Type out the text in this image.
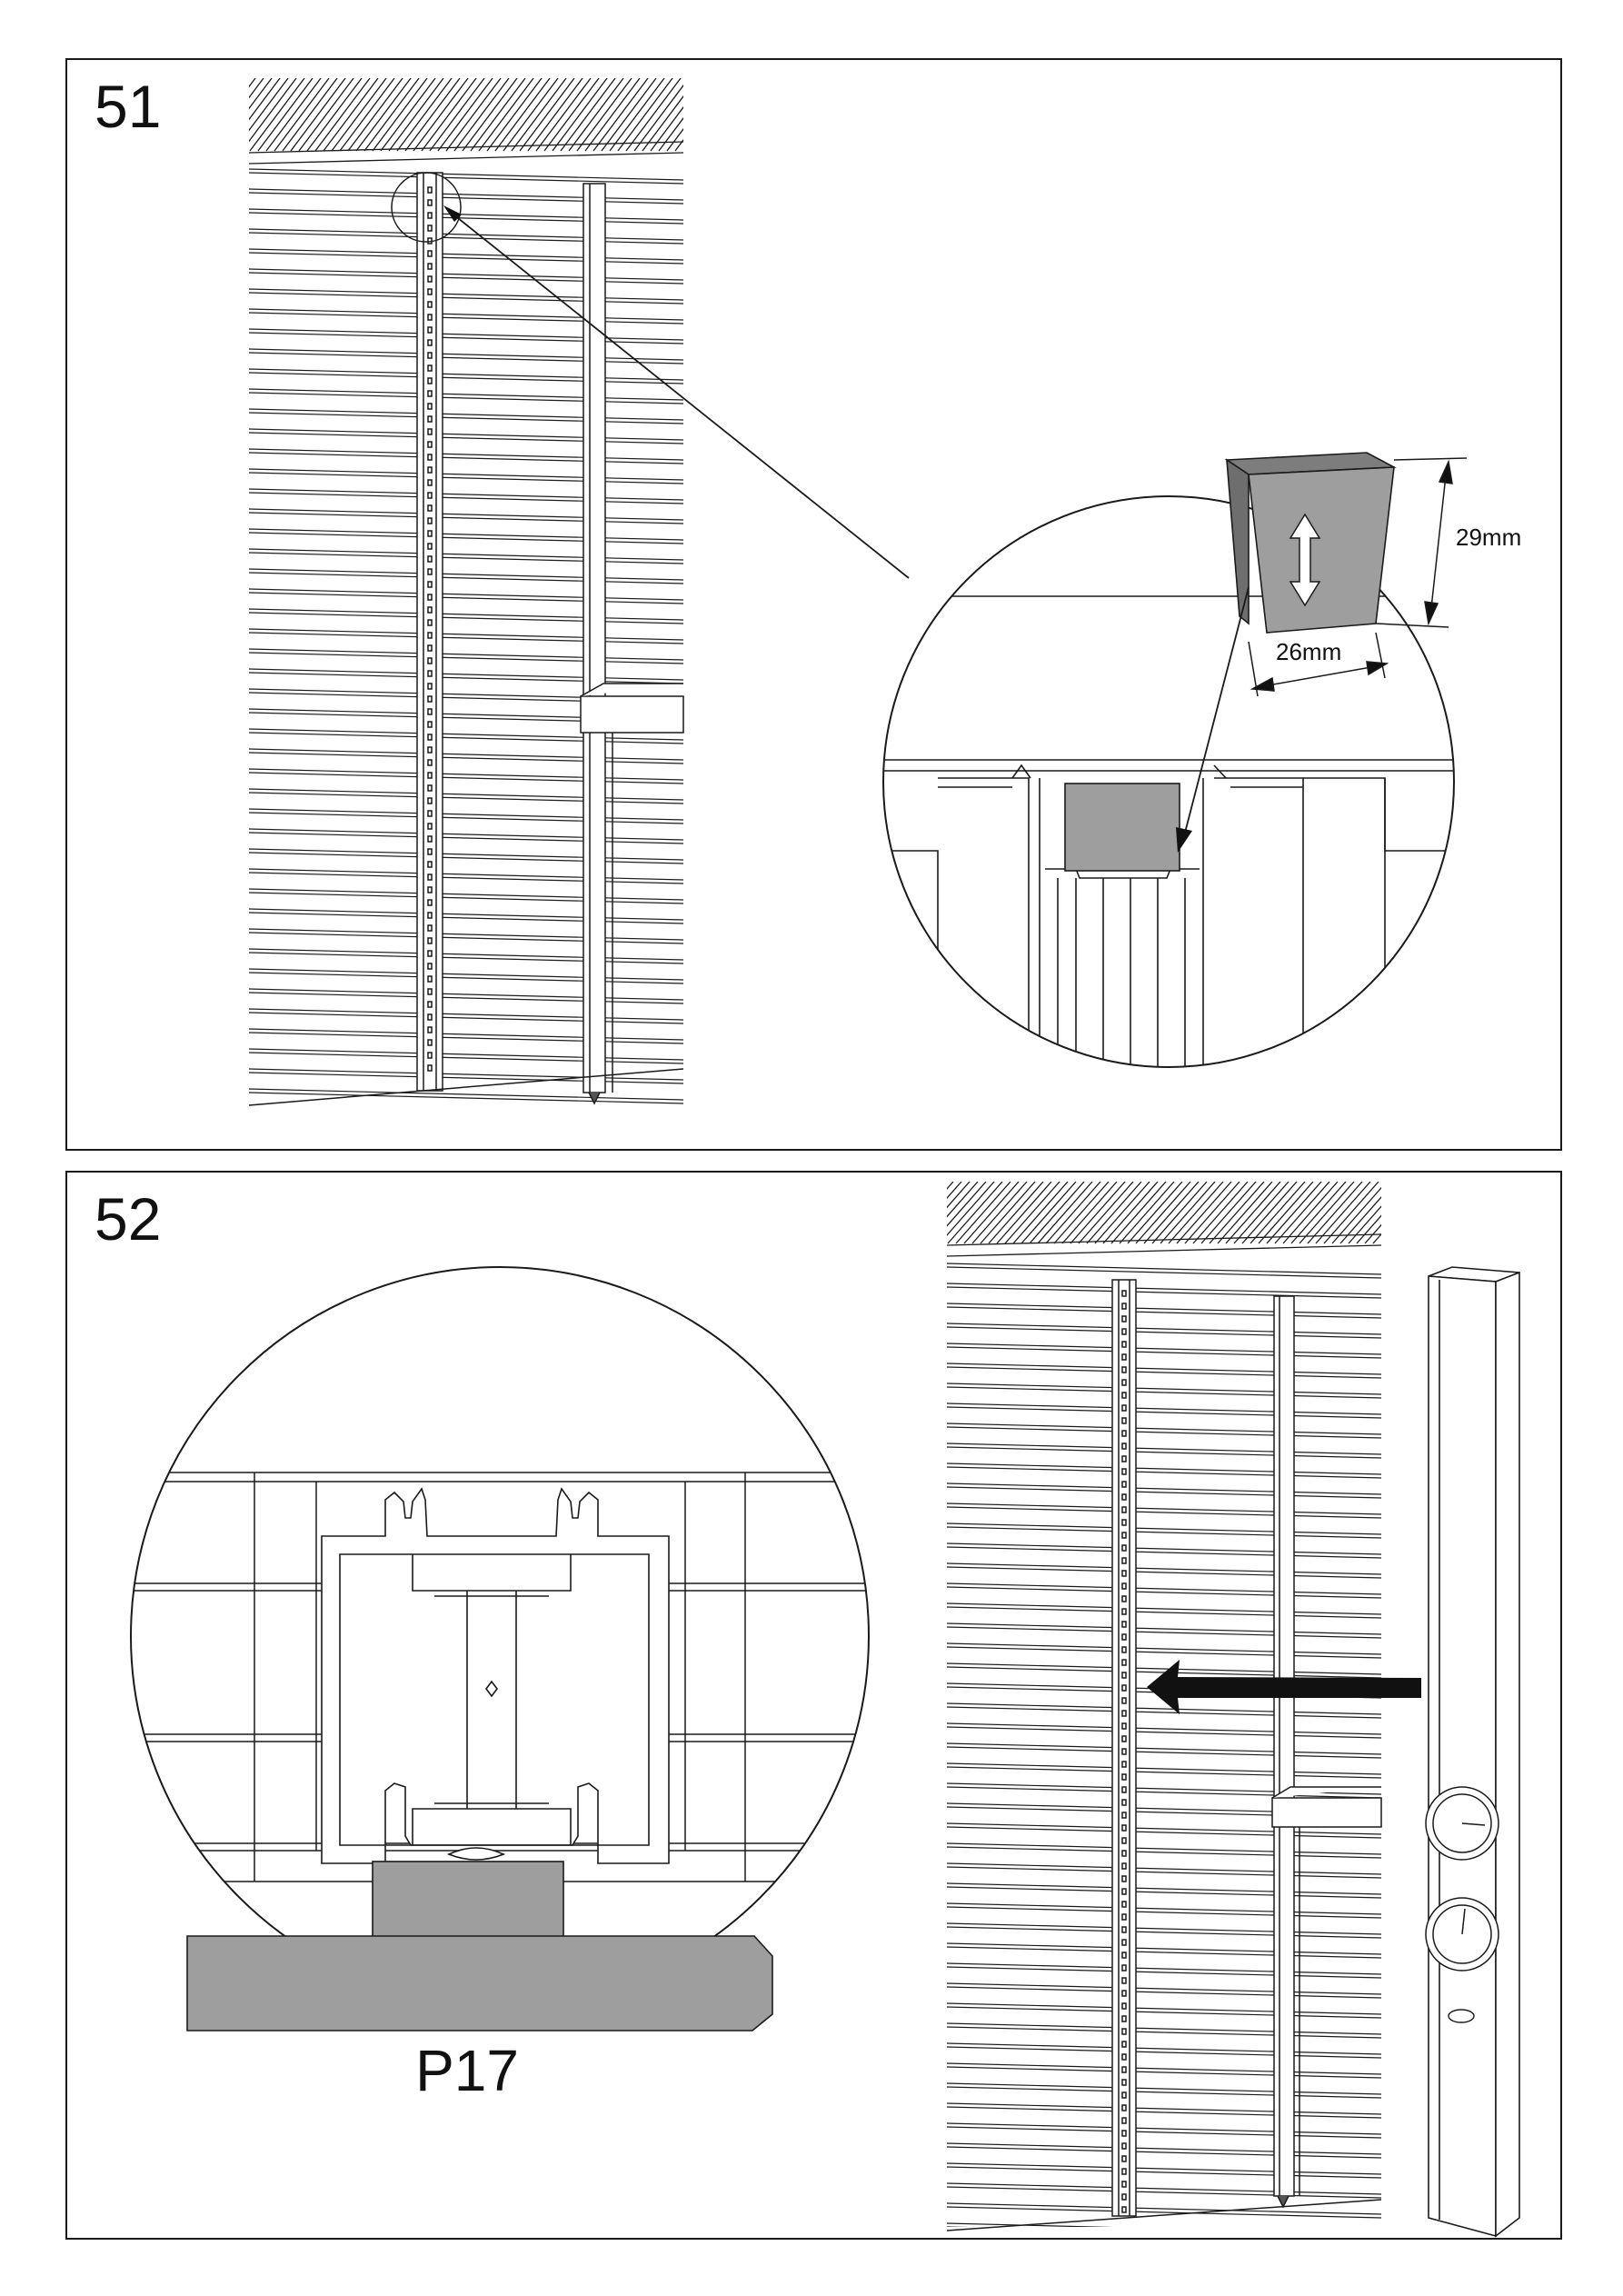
51
29mm
26mm
52
P17
